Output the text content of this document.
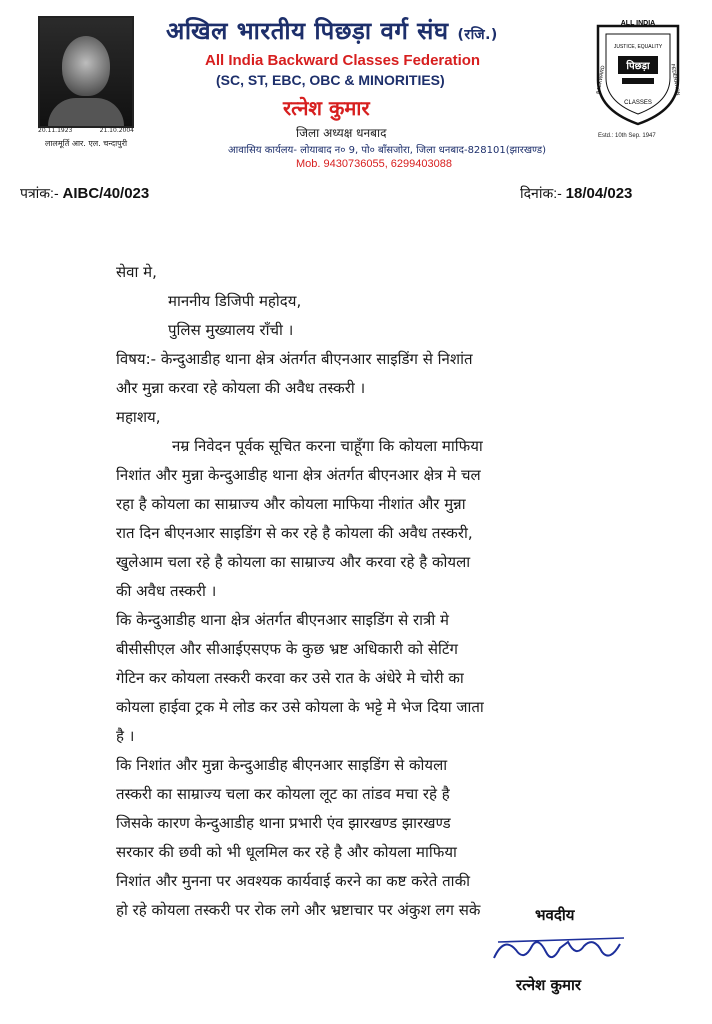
20.11.1923	21.10.2004
लालमूर्ति आर. एल. चन्दापुरी
अखिल भारतीय पिछड़ा वर्ग संघ (रजि.)
All India Backward Classes Federation
(SC, ST, EBC, OBC & MINORITIES)
रत्नेश कुमार
जिला अध्यक्ष धनबाद
आवासिय कार्यलय- लोयाबाद न० 9, पो० बाँसजोरा, जिला धनबाद-828101(झारखण्ड)
Mob. 9430736055, 6299403088
ALL INDIA
JUSTICE, EQUALITY
पिछड़ा
CLASSES
BACKWARD	FEDERATION
Estd.: 10th Sep. 1947
पत्रांक:- AIBC/40/023	दिनांक:- 18/04/023
सेवा मे,
माननीय डिजिपी महोदय,
पुलिस मुख्यालय राँची ।
विषय:- केन्दुआडीह थाना क्षेत्र अंतर्गत बीएनआर साइडिंग से निशांत
और मुन्ना करवा रहे कोयला की अवैध तस्करी ।
महाशय,
नम्र निवेदन पूर्वक सूचित करना चाहूँगा कि कोयला माफिया
निशांत और मुन्ना केन्दुआडीह थाना क्षेत्र अंतर्गत बीएनआर क्षेत्र मे चल
रहा है कोयला का साम्राज्य और कोयला माफिया नीशांत और मुन्ना
रात दिन बीएनआर साइडिंग से कर रहे है कोयला की अवैध तस्करी,
खुलेआम चला रहे है कोयला का साम्राज्य और करवा रहे है कोयला
की अवैध तस्करी ।
कि केन्दुआडीह थाना क्षेत्र अंतर्गत बीएनआर साइडिंग से रात्री मे
बीसीसीएल और सीआईएसएफ के कुछ भ्रष्ट अधिकारी को सेटिंग
गेटिन कर कोयला तस्करी करवा कर उसे रात के अंधेरे मे चोरी का
कोयला हाईवा ट्रक मे लोड कर उसे कोयला के भट्टे मे भेज दिया जाता
है ।
कि निशांत और मुन्ना केन्दुआडीह बीएनआर साइडिंग से कोयला
तस्करी का साम्राज्य चला कर कोयला लूट का तांडव मचा रहे है
जिसके कारण केन्दुआडीह थाना प्रभारी एंव झारखण्ड झारखण्ड
सरकार की छवी को भी धूलमिल कर रहे है और कोयला माफिया
निशांत और मुनना पर अवश्यक कार्यवाई करने का कष्ट करेते ताकी
हो रहे कोयला तस्करी पर रोक लगे और भ्रष्टाचार पर अंकुश लग सके	भवदीय
रत्नेश कुमार
